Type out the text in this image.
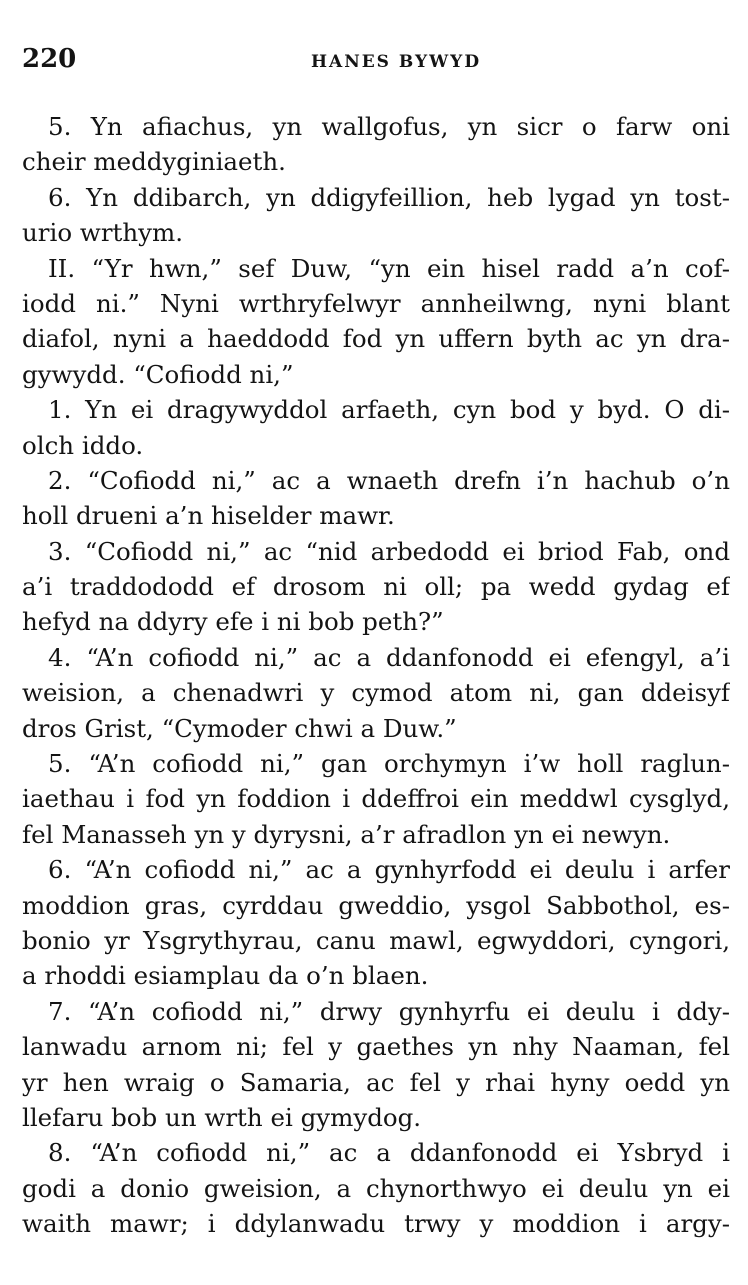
220	HANES BYWYD
5. Yn afiachus, yn wallgofus, yn sicr o farw oni
cheir meddyginiaeth.
6. Yn ddibarch, yn ddigyfeillion, heb lygad yn tost-
urio wrthym.
II. “Yr hwn,” sef Duw, “yn ein hisel radd a’n cof-
iodd ni.” Nyni wrthryfelwyr annheilwng, nyni blant
diafol, nyni a haeddodd fod yn uffern byth ac yn dra-
gywydd. “Cofiodd ni,”
1. Yn ei dragywyddol arfaeth, cyn bod y byd. O di-
olch iddo.
2. “Cofiodd ni,” ac a wnaeth drefn i’n hachub o’n
holl drueni a’n hiselder mawr.
3. “Cofiodd ni,” ac “nid arbedodd ei briod Fab, ond
a’i traddododd ef drosom ni oll; pa wedd gydag ef
hefyd na ddyry efe i ni bob peth?”
4. “A’n cofiodd ni,” ac a ddanfonodd ei efengyl, a’i
weision, a chenadwri y cymod atom ni, gan ddeisyf
dros Grist, “Cymoder chwi a Duw.”
5. “A’n cofiodd ni,” gan orchymyn i’w holl raglun-
iaethau i fod yn foddion i ddeffroi ein meddwl cysglyd,
fel Manasseh yn y dyrysni, a’r afradlon yn ei newyn.
6. “A’n cofiodd ni,” ac a gynhyrfodd ei deulu i arfer
moddion gras, cyrddau gweddio, ysgol Sabbothol, es-
bonio yr Ysgrythyrau, canu mawl, egwyddori, cyngori,
a rhoddi esiamplau da o’n blaen.
7. “A’n cofiodd ni,” drwy gynhyrfu ei deulu i ddy-
lanwadu arnom ni; fel y gaethes yn nhy Naaman, fel
yr hen wraig o Samaria, ac fel y rhai hyny oedd yn
llefaru bob un wrth ei gymydog.
8. “A’n cofiodd ni,” ac a ddanfonodd ei Ysbryd i
godi a donio gweision, a chynorthwyo ei deulu yn ei
waith mawr; i ddylanwadu trwy y moddion i argy-
